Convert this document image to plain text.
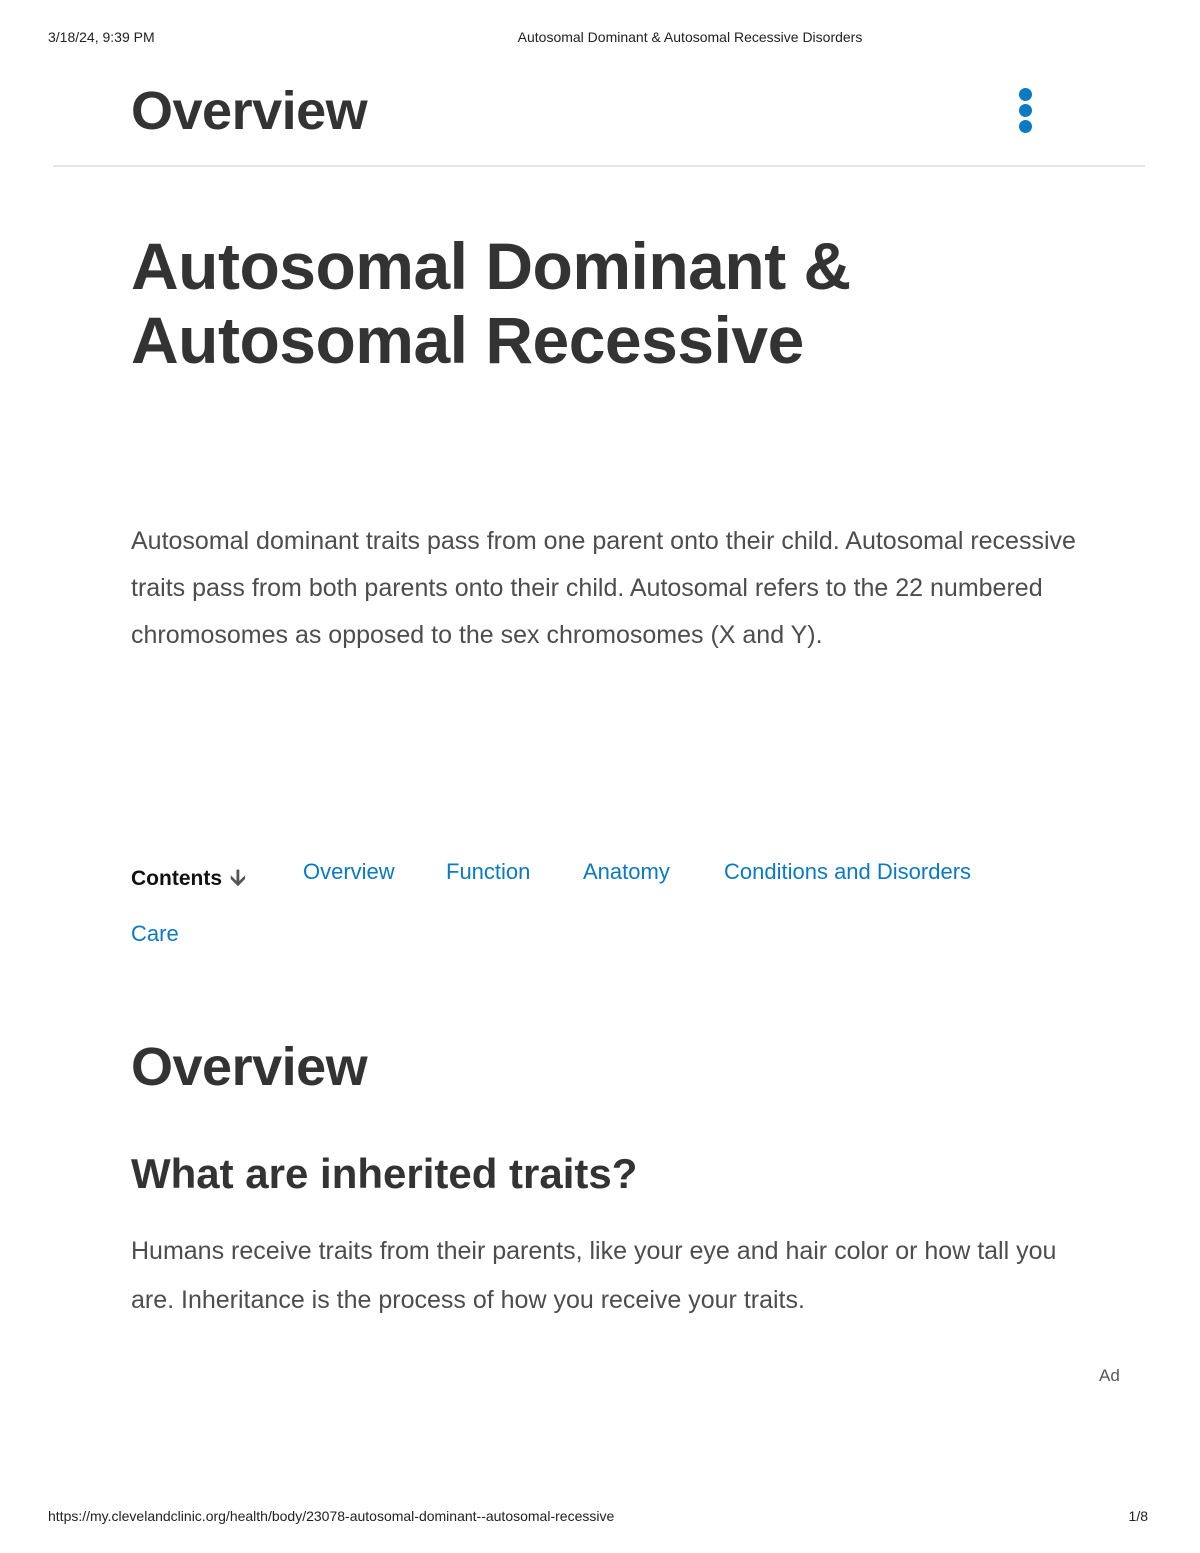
3/18/24, 9:39 PM	Autosomal Dominant & Autosomal Recessive Disorders
Overview
Autosomal Dominant & Autosomal Recessive

Autosomal dominant traits pass from one parent onto their child. Autosomal recessive traits pass from both parents onto their child. Autosomal refers to the 22 numbered chromosomes as opposed to the sex chromosomes (X and Y).

Contents 🡫	Overview Function Anatomy Conditions and Disorders
Care
Overview
What are inherited traits?

Humans receive traits from their parents, like your eye and hair color or how tall you are. Inheritance is the process of how you receive your traits.

Ad
https://my.clevelandclinic.org/health/body/23078-autosomal-dominant--autosomal-recessive	1/8
